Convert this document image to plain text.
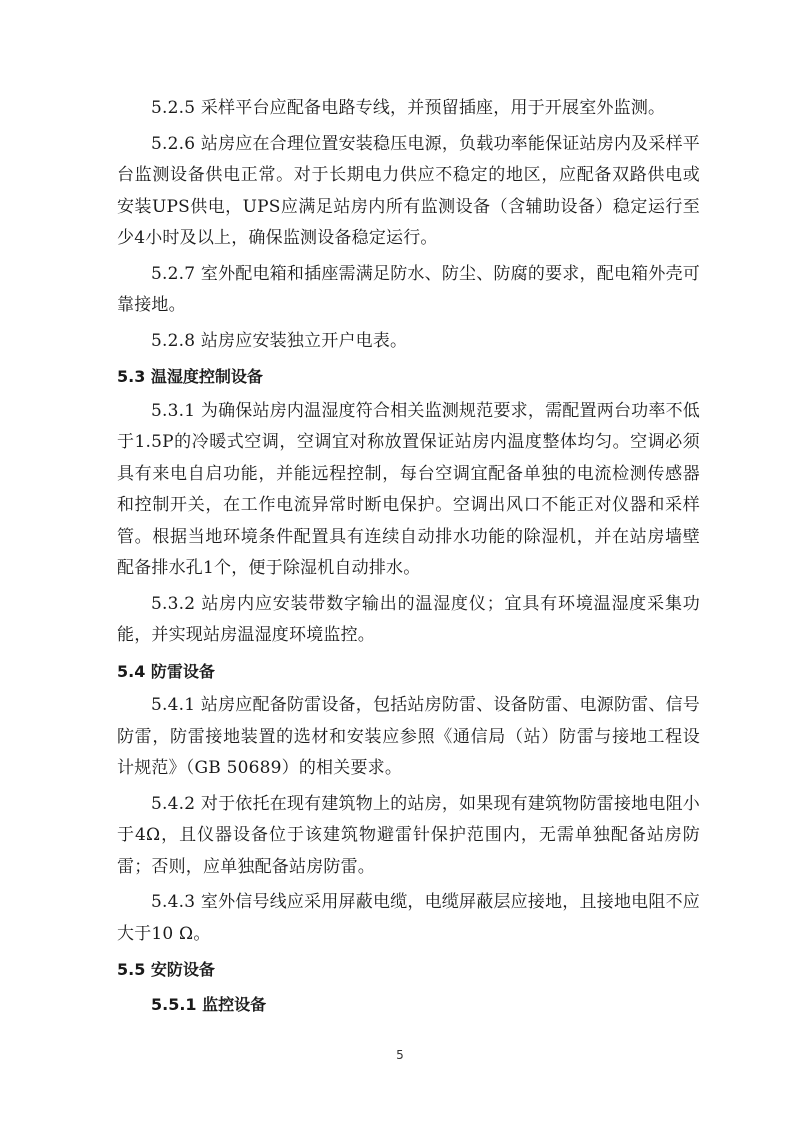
5.2.5 采样平台应配备电路专线，并预留插座，用于开展室外监测。

5.2.6 站房应在合理位置安装稳压电源，负载功率能保证站房内及采样平台监测设备供电正常。对于长期电力供应不稳定的地区，应配备双路供电或安装UPS供电，UPS应满足站房内所有监测设备（含辅助设备）稳定运行至少4小时及以上，确保监测设备稳定运行。

5.2.7 室外配电箱和插座需满足防水、防尘、防腐的要求，配电箱外壳可靠接地。

5.2.8 站房应安装独立开户电表。

5.3 温湿度控制设备

5.3.1 为确保站房内温湿度符合相关监测规范要求，需配置两台功率不低于1.5P的冷暖式空调，空调宜对称放置保证站房内温度整体均匀。空调必须具有来电自启功能，并能远程控制，每台空调宜配备单独的电流检测传感器和控制开关，在工作电流异常时断电保护。空调出风口不能正对仪器和采样管。根据当地环境条件配置具有连续自动排水功能的除湿机，并在站房墙壁配备排水孔1个，便于除湿机自动排水。

5.3.2 站房内应安装带数字输出的温湿度仪；宜具有环境温湿度采集功能，并实现站房温湿度环境监控。

5.4 防雷设备

5.4.1 站房应配备防雷设备，包括站房防雷、设备防雷、电源防雷、信号防雷，防雷接地装置的选材和安装应参照《通信局（站）防雷与接地工程设计规范》（GB 50689）的相关要求。

5.4.2 对于依托在现有建筑物上的站房，如果现有建筑物防雷接地电阻小于4Ω，且仪器设备位于该建筑物避雷针保护范围内，无需单独配备站房防雷；否则，应单独配备站房防雷。

5.4.3 室外信号线应采用屏蔽电缆，电缆屏蔽层应接地，且接地电阻不应大于10 Ω。

5.5 安防设备
5.5.1 监控设备
5
